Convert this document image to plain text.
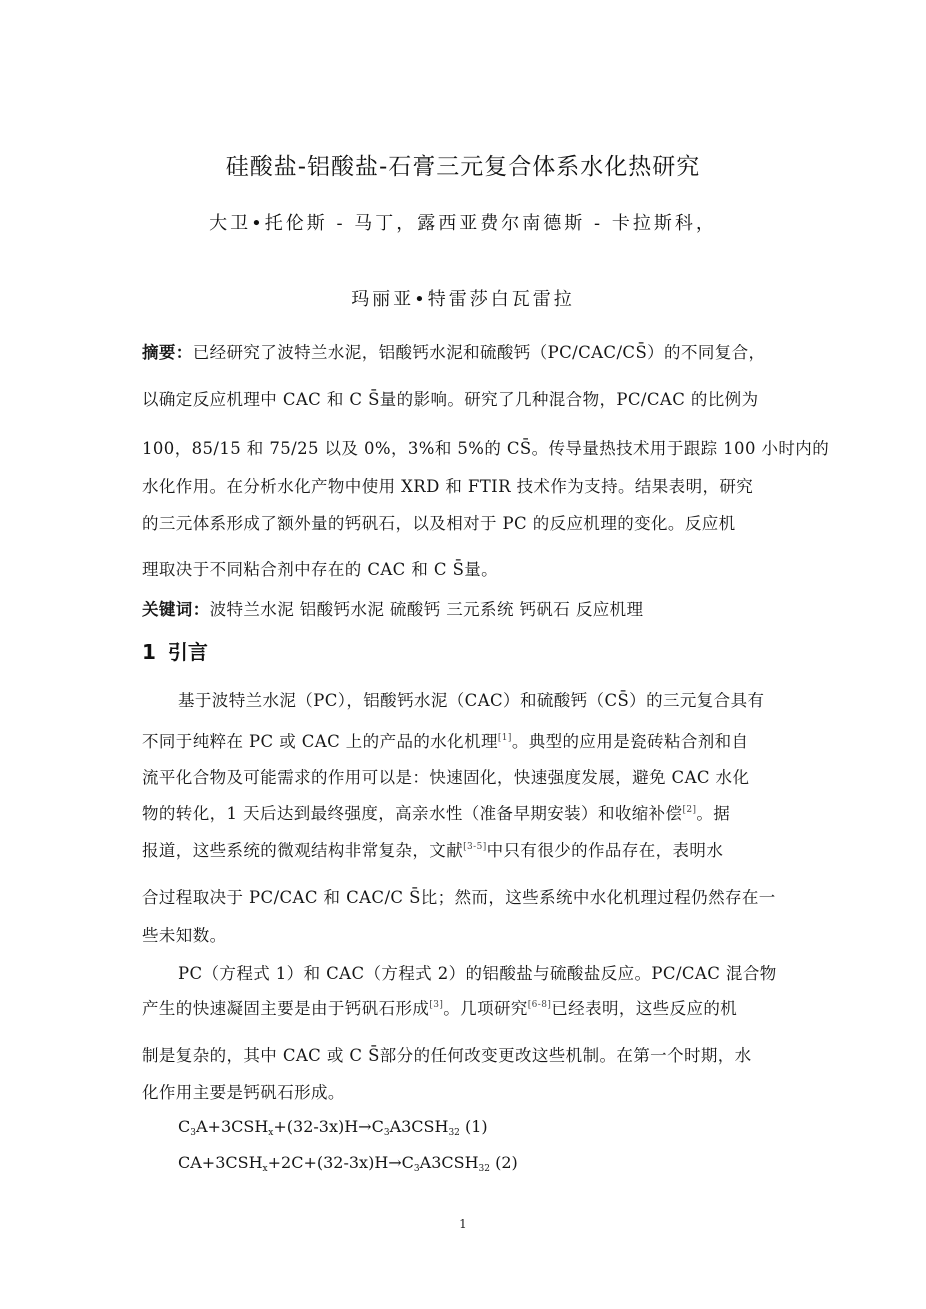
硅酸盐-铝酸盐-石膏三元复合体系水化热研究
大卫•托伦斯 - 马丁，露西亚费尔南德斯 - 卡拉斯科，
玛丽亚•特雷莎白瓦雷拉
摘要：已经研究了波特兰水泥，铝酸钙水泥和硫酸钙（PC/CAC/CS̄）的不同复合，
以确定反应机理中 CAC 和 C S̄量的影响。研究了几种混合物，PC/CAC 的比例为
100，85/15 和 75/25 以及 0%，3%和 5%的 CS̄。传导量热技术用于跟踪 100 小时内的
水化作用。在分析水化产物中使用 XRD 和 FTIR 技术作为支持。结果表明，研究
的三元体系形成了额外量的钙矾石，以及相对于 PC 的反应机理的变化。反应机
理取决于不同粘合剂中存在的 CAC 和 C S̄量。
关键词：波特兰水泥 铝酸钙水泥 硫酸钙 三元系统 钙矾石 反应机理
1 引言
基于波特兰水泥（PC），铝酸钙水泥（CAC）和硫酸钙（CS̄）的三元复合具有
不同于纯粹在 PC 或 CAC 上的产品的水化机理[1]。典型的应用是瓷砖粘合剂和自
流平化合物及可能需求的作用可以是：快速固化，快速强度发展，避免 CAC 水化
物的转化，1 天后达到最终强度，高亲水性（准备早期安装）和收缩补偿[2]。据
报道，这些系统的微观结构非常复杂，文献[3-5]中只有很少的作品存在，表明水
合过程取决于 PC/CAC 和 CAC/C S̄比；然而，这些系统中水化机理过程仍然存在一
些未知数。
PC（方程式 1）和 CAC（方程式 2）的铝酸盐与硫酸盐反应。PC/CAC 混合物
产生的快速凝固主要是由于钙矾石形成[3]。几项研究[6-8]已经表明，这些反应的机
制是复杂的，其中 CAC 或 C S̄部分的任何改变更改这些机制。在第一个时期，水
化作用主要是钙矾石形成。
$C_3A+3CSH_x+(32-3x)H\to C_3A3CSH_{32}$ (1)
$CA+3CSH_x+2C+(32-3x)H\to C_3A3CSH_{32}$ (2)
1
